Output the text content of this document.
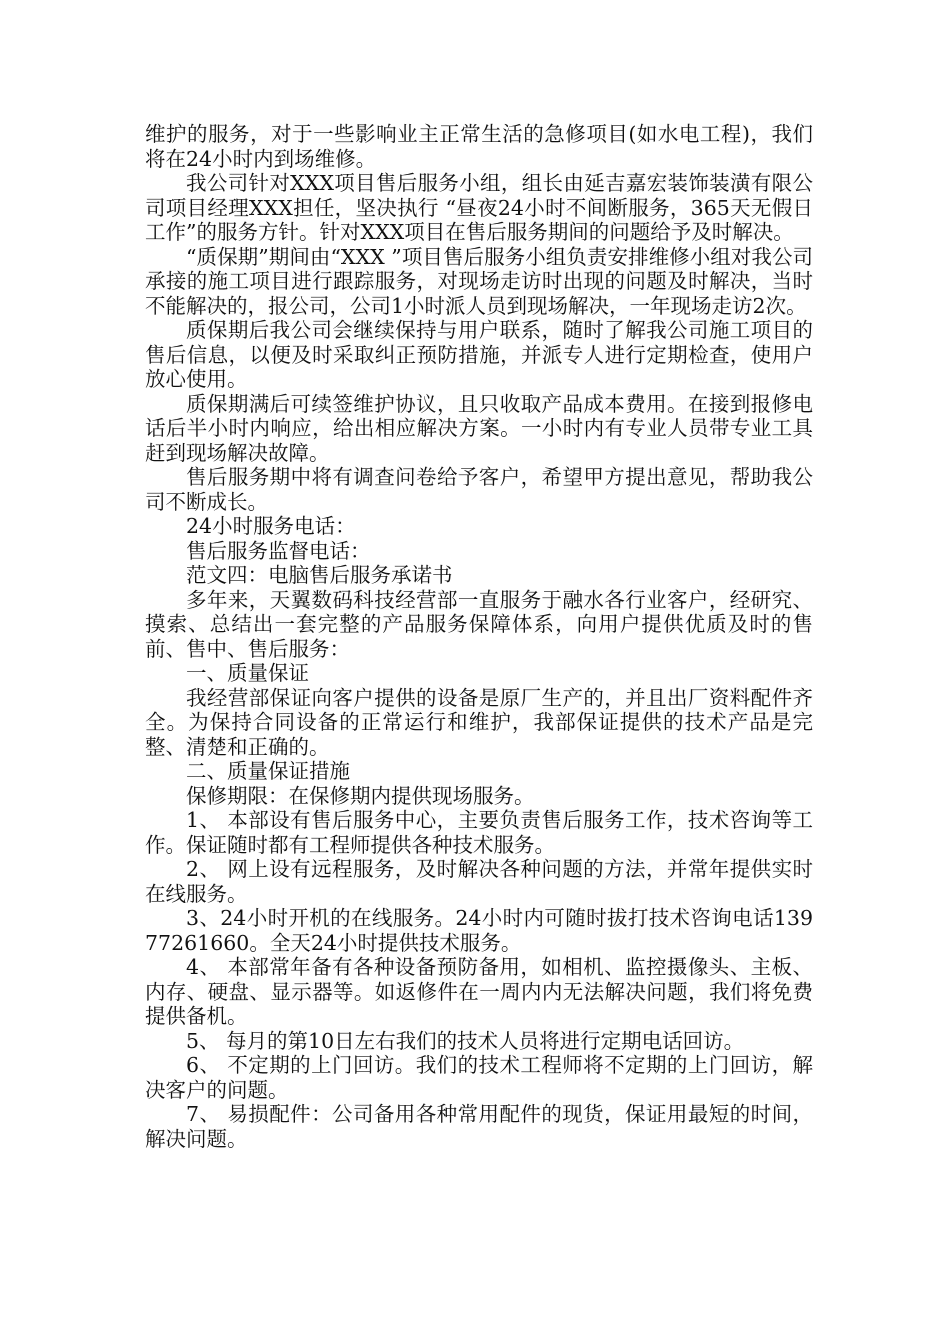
维护的服务，对于一些影响业主正常生活的急修项目(如水电工程)，我们将在24小时内到场维修。

我公司针对XXX项目售后服务小组，组长由延吉嘉宏装饰装潢有限公司项目经理XXX担任，坚决执行 “昼夜24小时不间断服务，365天无假日工作”的服务方针。针对XXX项目在售后服务期间的问题给予及时解决。

“质保期”期间由“XXX ”项目售后服务小组负责安排维修小组对我公司承接的施工项目进行跟踪服务，对现场走访时出现的问题及时解决，当时不能解决的，报公司，公司1小时派人员到现场解决，一年现场走访2次。

质保期后我公司会继续保持与用户联系，随时了解我公司施工项目的售后信息，以便及时采取纠正预防措施，并派专人进行定期检查，使用户放心使用。

质保期满后可续签维护协议，且只收取产品成本费用。在接到报修电话后半小时内响应，给出相应解决方案。一小时内有专业人员带专业工具赶到现场解决故障。

售后服务期中将有调查问卷给予客户，希望甲方提出意见，帮助我公司不断成长。

24小时服务电话：

售后服务监督电话：

范文四：电脑售后服务承诺书

多年来，天翼数码科技经营部一直服务于融水各行业客户，经研究、摸索、总结出一套完整的产品服务保障体系，向用户提供优质及时的售前、售中、售后服务：

一、质量保证

我经营部保证向客户提供的设备是原厂生产的，并且出厂资料配件齐全。为保持合同设备的正常运行和维护，我部保证提供的技术产品是完整、清楚和正确的。

二、质量保证措施

保修期限：在保修期内提供现场服务。

1、 本部设有售后服务中心，主要负责售后服务工作，技术咨询等工作。保证随时都有工程师提供各种技术服务。

2、 网上设有远程服务，及时解决各种问题的方法，并常年提供实时在线服务。

3、24小时开机的在线服务。24小时内可随时拔打技术咨询电话13977261660。全天24小时提供技术服务。

4、 本部常年备有各种设备预防备用，如相机、监控摄像头、主板、内存、硬盘、显示器等。如返修件在一周内内无法解决问题，我们将免费提供备机。

5、 每月的第10日左右我们的技术人员将进行定期电话回访。

6、 不定期的上门回访。我们的技术工程师将不定期的上门回访，解决客户的问题。

7、 易损配件：公司备用各种常用配件的现货，保证用最短的时间，解决问题。
